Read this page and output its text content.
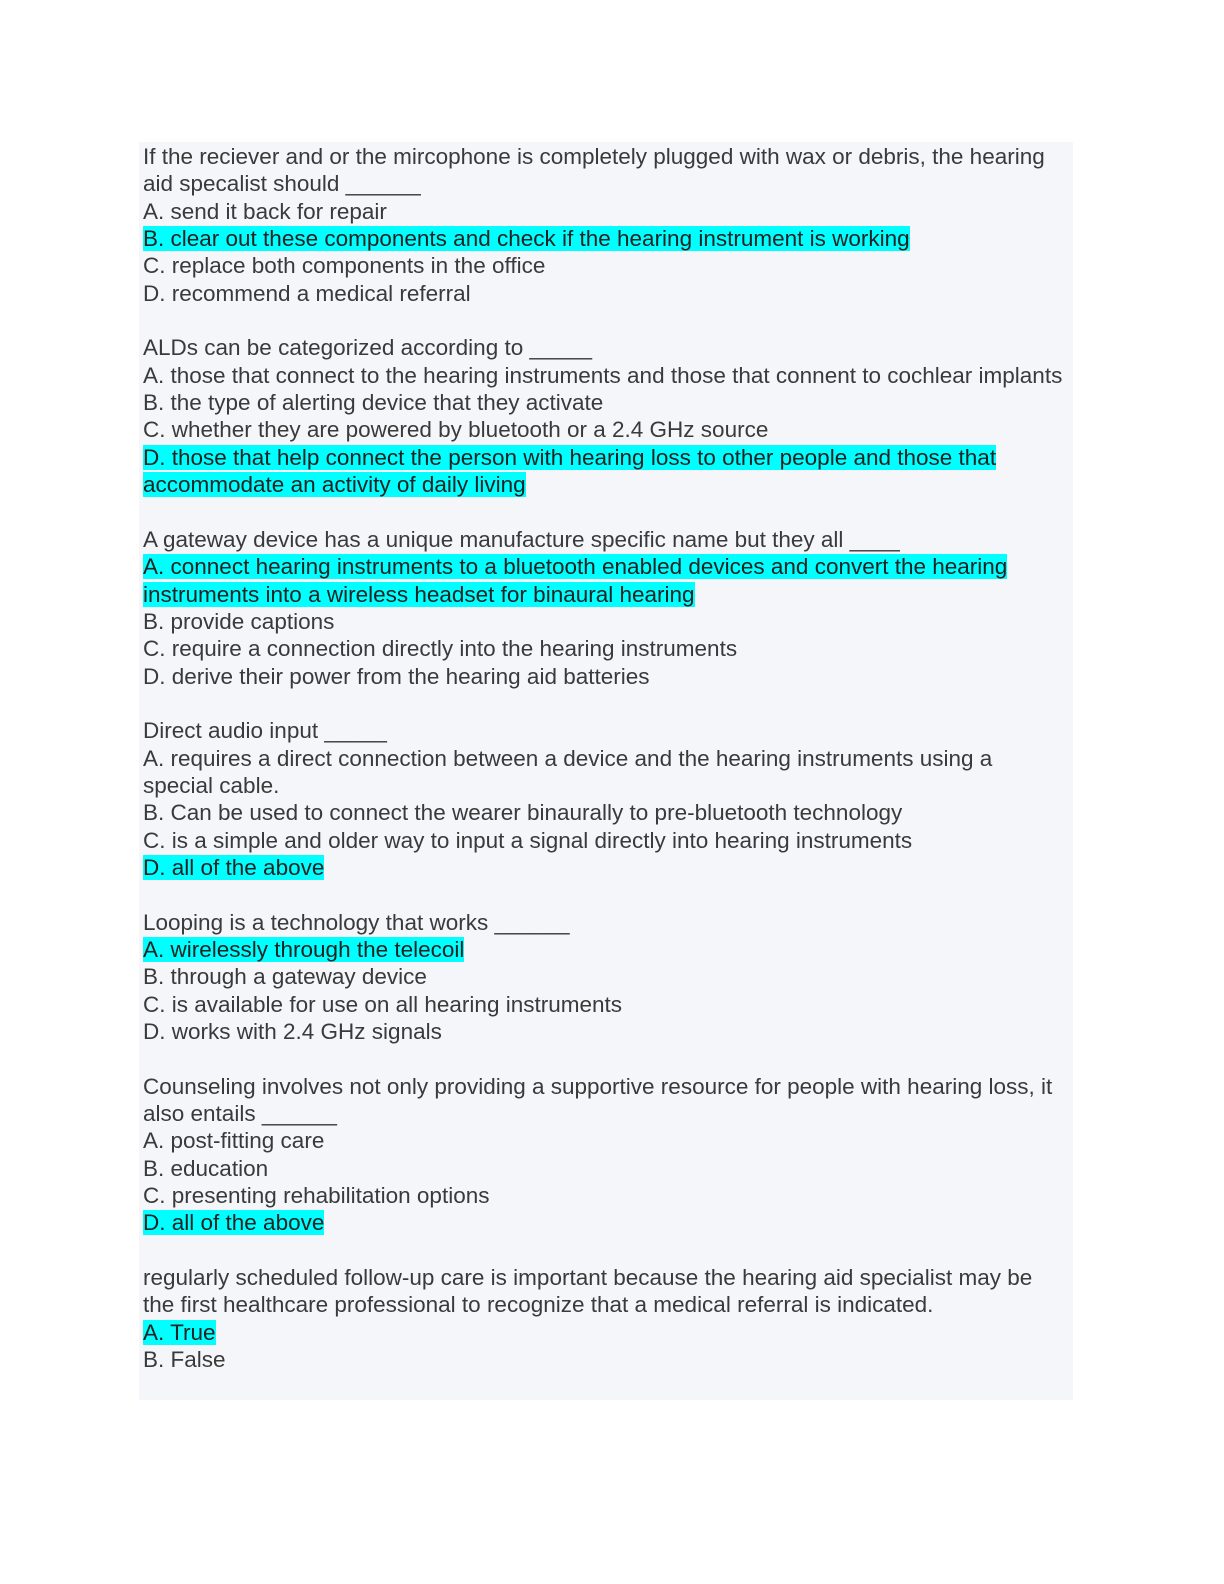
If the reciever and or the mircophone is completely plugged with wax or debris, the hearing aid specalist should ______
A. send it back for repair
B. clear out these components and check if the hearing instrument is working
C. replace both components in the office
D. recommend a medical referral
ALDs can be categorized according to _____
A. those that connect to the hearing instruments and those that connent to cochlear implants
B. the type of alerting device that they activate
C. whether they are powered by bluetooth or a 2.4 GHz source
D. those that help connect the person with hearing loss to other people and those that accommodate an activity of daily living
A gateway device has a unique manufacture specific name but they all ____
A. connect hearing instruments to a bluetooth enabled devices and convert the hearing instruments into a wireless headset for binaural hearing
B. provide captions
C. require a connection directly into the hearing instruments
D. derive their power from the hearing aid batteries
Direct audio input _____
A. requires a direct connection between a device and the hearing instruments using a special cable.
B. Can be used to connect the wearer binaurally to pre-bluetooth technology
C. is a simple and older way to input a signal directly into hearing instruments
D. all of the above
Looping is a technology that works ______
A. wirelessly through the telecoil
B. through a gateway device
C. is available for use on all hearing instruments
D. works with 2.4 GHz signals
Counseling involves not only providing a supportive resource for people with hearing loss, it also entails ______
A. post-fitting care
B. education
C. presenting rehabilitation options
D. all of the above
regularly scheduled follow-up care is important because the hearing aid specialist may be the first healthcare professional to recognize that a medical referral is indicated.
A. True
B. False
